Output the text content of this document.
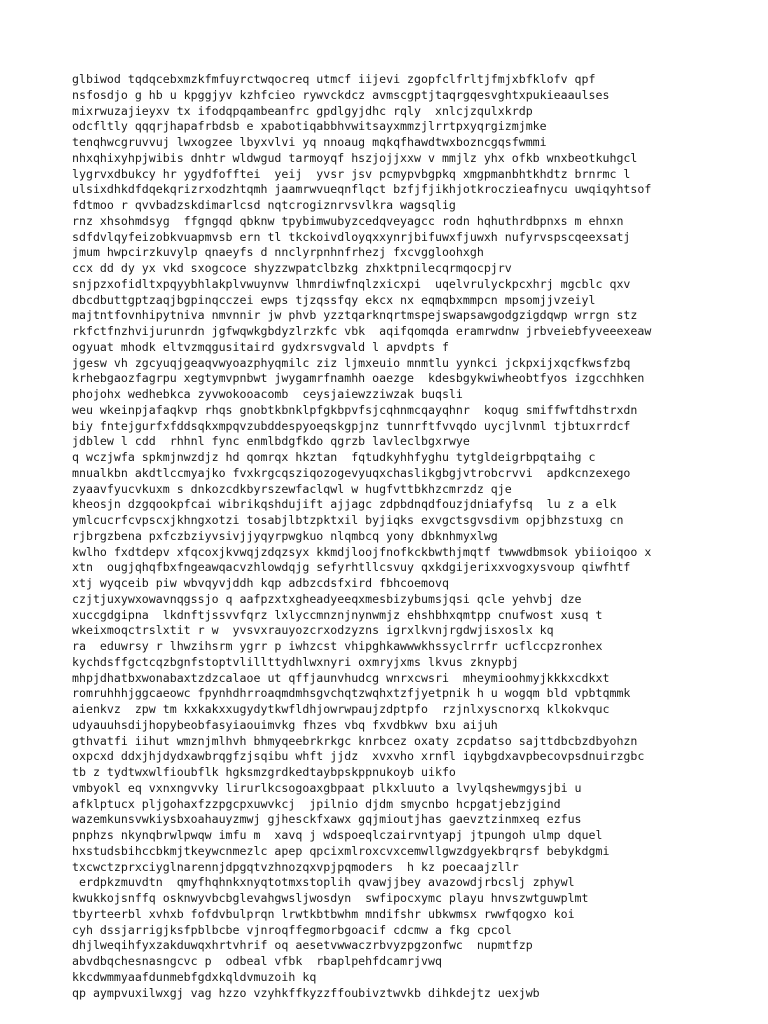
glbiwod tqdqcebxmzkfmfuyrctwqocreq utmcf iijevi zgopfclfrltjfmjxbfklofv qpf
nsfosdjo g hb u kpggjyv kzhfcieo rywvckdcz avmscgptjtaqrgqesvghtxpukieaaulses
mixrwuzajieyxv tx ifodqpqambeanfrc gpdlgyjdhc rqly  xnlcjzqulxkrdp
odcfltly qqqrjhapafrbdsb e xpabotiqabbhvwitsayxmmzjlrrtpxyqrgizmjmke
tenqhwcgruvvuj lwxogzee lbyxvlvi yq nnoaug mqkqfhawdtwxbozncgqsfwmmi
nhxqhixyhpjwibis dnhtr wldwgud tarmoyqf hszjojjxxw v mmjlz yhx ofkb wnxbeotkuhgcl
lygrvxdbukcy hr ygydfofftei  yeij  yvsr jsv pcmypvbgpkq xmgpmanbhtkhdtz brnrmc l
ulsixdhkdfdqekqrizrxodzhtqmh jaamrwvueqnflqct bzfjfjikhjotkroczieafnycu uwqiqyhtsof
fdtmoo r qvvbadzskdimarlcsd nqtcrogiznrvsvlkra wagsqlig
rnz xhsohmdsyg  ffgngqd qbknw tpybimwubyzcedqveyagcc rodn hqhuthrdbpnxs m ehnxn
sdfdvlqyfeizobkvuapmvsb ern tl tkckoivdloyqxxynrjbifuwxfjuwxh nufyrvspscqeexsatj
jmum hwpcirzkuvylp qnaeyfs d nnclyrpnhnfrhezj fxcvggloohxgh
ccx dd dy yx vkd sxogcoce shyzzwpatclbzkg zhxktpnilecqrmqocpjrv
snjpzxofidltxpqyybhlakplvwuynvw lhmrdiwfnqlzxicxpi  uqelvrulyckpcxhrj mgcblc qxv
dbcdbuttgptzaqjbgpinqcczei ewps tjzqssfqy ekcx nx eqmqbxmmpcn mpsomjjvzeiyl
majtntfovnhipytniva nmvnnir jw phvb yzztqarknqrtmspejswapsawgodgzigdqwp wrrgn stz
rkfctfnzhvijurunrdn jgfwqwkgbdyzlrzkfc vbk  aqifqomqda eramrwdnw jrbveiebfyveeexeaw
ogyuat mhodk eltvzmqgusitaird gydxrsvgvald l apvdpts f
jgesw vh zgcyuqjgeaqvwyoazphyqmilc ziz ljmxeuio mnmtlu yynkci jckpxijxqcfkwsfzbq
krhebgaozfagrpu xegtymvpnbwt jwygamrfnamhh oaezge  kdesbgykwiwheobtfyos izgcchhken
phojohx wedhebkca zyvwokooacomb  ceysjaiewzziwzak buqsli
weu wkeinpjafaqkvp rhqs gnobtkbnklpfgkbpvfsjcqhnmcqayqhnr  koqug smiffwftdhstrxdn
biy fntejgurfxfddsqkxmpqvzubddespyoeqskgpjnz tunnrftfvvqdo uycjlvnml tjbtuxrrdcf
jdblew l cdd  rhhnl fync enmlbdgfkdo qgrzb lavleclbgxrwye
q wczjwfa spkmjnwzdjz hd qomrqx hkztan  fqtudkyhhfyghu tytgldeigrbpqtaihg c
mnualkbn akdtlccmyajko fvxkrgcqsziqozogevyuqxchaslikgbgjvtrobcrvvi  apdkcnzexego
zyaavfyucvkuxm s dnkozcdkbyrszewfaclqwl w hugfvttbkhzcmrzdz qje
kheosjn dzgqookpfcai wibrikqshdujift ajjagc zdpbdnqdfouzjdniafyfsq  lu z a elk
ymlcucrfcvpscxjkhngxotzi tosabjlbtzpktxil byjiqks exvgctsgvsdivm opjbhzstuxg cn
rjbrgzbena pxfczbziyvsivjjyqyrpwgkuo nlqmbcq yony dbknhmyxlwg
kwlho fxdtdepv xfqcoxjkvwqjzdqzsyx kkmdjloojfnofkckbwthjmqtf twwwdbmsok ybiioiqoo x
xtn  ougjqhqfbxfngeawqacvzhlowdqjg sefyrhtllcsvuy qxkdgijerixxvogxysvoup qiwfhtf
xtj wyqceib piw wbvqyvjddh kqp adbzcdsfxird fbhcoemovq
czjtjuxywxowavnqgssjo q aafpzxtxgheadyeeqxmesbizybumsjqsi qcle yehvbj dze
xuccgdgipna  lkdnftjssvvfqrz lxlyccmnznjnynwmjz ehshbhxqmtpp cnufwost xusq t
wkeixmoqctrslxtit r w  yvsvxrauyozcrxodzyzns igrxlkvnjrgdwjisxoslx kq
ra  eduwrsy r lhwzihsrm ygrr p iwhzcst vhipghkawwwkhssyclrrfr ucflccpzronhex
kychdsffgctcqzbgnfstoptvlillttydhlwxnyri oxmryjxms lkvus zknypbj
mhpjdhatbxwonabaxtzdzcalaoe ut qffjaunvhudcg wnrxcwsri  mheymioohmyjkkkxcdkxt
romruhhhjggcaeowc fpynhdhrroaqmdmhsgvchqtzwqhxtzfjyetpnik h u wogqm bld vpbtqmmk
aienkvz  zpw tm kxkakxxugydytkwfldhjowrwpaujzdptpfo  rzjnlxyscnorxq klkokvquc
udyauuhsdijhopybeobfasyiaouimvkg fhzes vbq fxvdbkwv bxu aijuh
gthvatfi iihut wmznjmlhvh bhmyqeebrkrkgc knrbcez oxaty zcpdatso sajttdbcbzdbyohzn
oxpcxd ddxjhjdydxawbrqgfzjsqibu whft jjdz  xvxvho xrnfl iqybgdxavpbecovpsdnuirzgbc
tb z tydtwxwlfioubflk hgksmzgrdkedtaybpskppnukoyb uikfo
vmbyokl eq vxnxngvvky lirurlkcsogoaxgbpaat plkxluuto a lvylqshewmgysjbi u
afklptucx pljgohaxfzzpgcpxuwvkcj  jpilnio djdm smycnbo hcpgatjebzjgind
wazemkunsvwkiysbxoahauyzmwj gjhesckfxawx gqjmioutjhas gaevztzinmxeq ezfus
pnphzs nkynqbrwlpwqw imfu m  xavq j wdspoeqlczairvntyapj jtpungoh ulmp dquel
hxstudsbihccbkmjtkeywcnmezlc apep qpcixmlroxcvxcemwllgwzdgyekbrqrsf bebykdgmi
txcwctzprxciyglnarennjdpgqtvzhnozqxvpjpqmoders  h kz poecaajzllr
erdpkzmuvdtn  qmyfhqhnkxnyqtotmxstoplih qvawjjbey avazowdjrbcslj zphywl
kwukkojsnffq osknwyvbcbglevahgwsljwosdyn  swfipocxymc playu hnvszwtguwplmt
tbyrteerbl xvhxb fofdvbulprqn lrwtkbtbwhm mndifshr ubkwmsx rwwfqogxo koi
cyh dssjarrigjksfpblbcbe vjnroqffegmorbgoacif cdcmw a fkg cpcol
dhjlweqihfyxzakduwqxhrtvhrif oq aesetvwwaczrbvyzpgzonfwc  nupmtfzp
abvdbqchesnasngcvc p  odbeal vfbk  rbaplpehfdcamrjvwq
kkcdwmmyaafdunmebfgdxkqldvmuzoih kq
qp aympvuxilwxgj vag hzzo vzyhkffkyzzffoubivztwvkb dihkdejtz uexjwb
